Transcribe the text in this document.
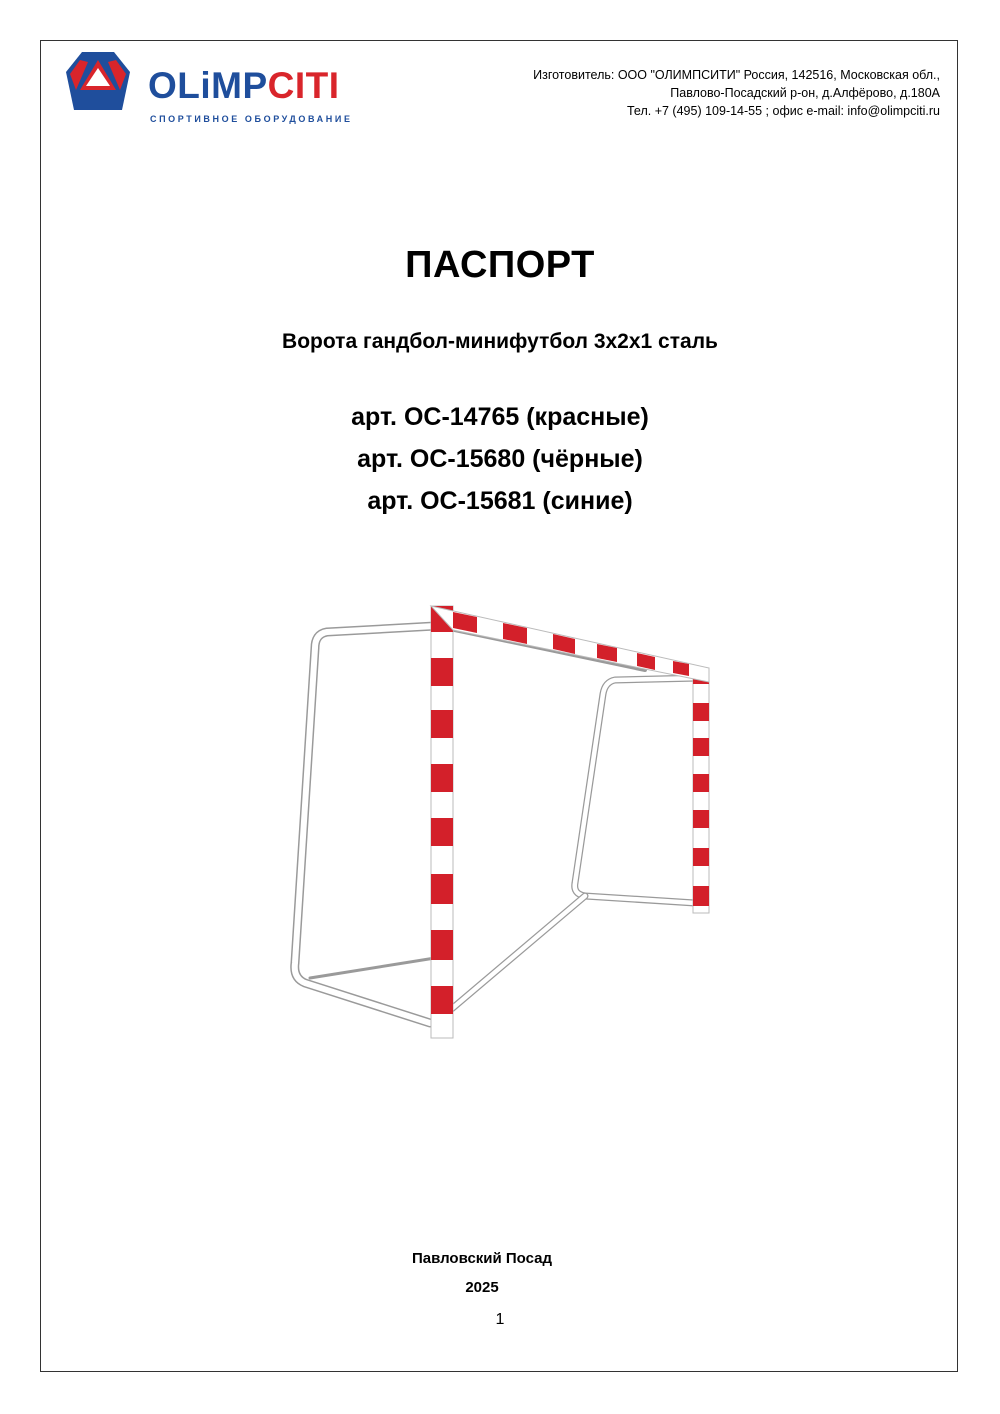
OLiMPCITI
СПОРТИВНОЕ ОБОРУДОВАНИЕ
Изготовитель: ООО "ОЛИМПСИТИ" Россия, 142516, Московская обл.,
Павлово-Посадский р-он, д.Алфёрово, д.180А
Тел. +7 (495) 109-14-55 ; офис e-mail: info@olimpciti.ru
ПАСПОРТ
Ворота гандбол-минифутбол 3х2х1 сталь
арт. ОС-14765 (красные)
арт. ОС-15680 (чёрные)
арт. ОС-15681 (синие)
Павловский Посад
2025
1
